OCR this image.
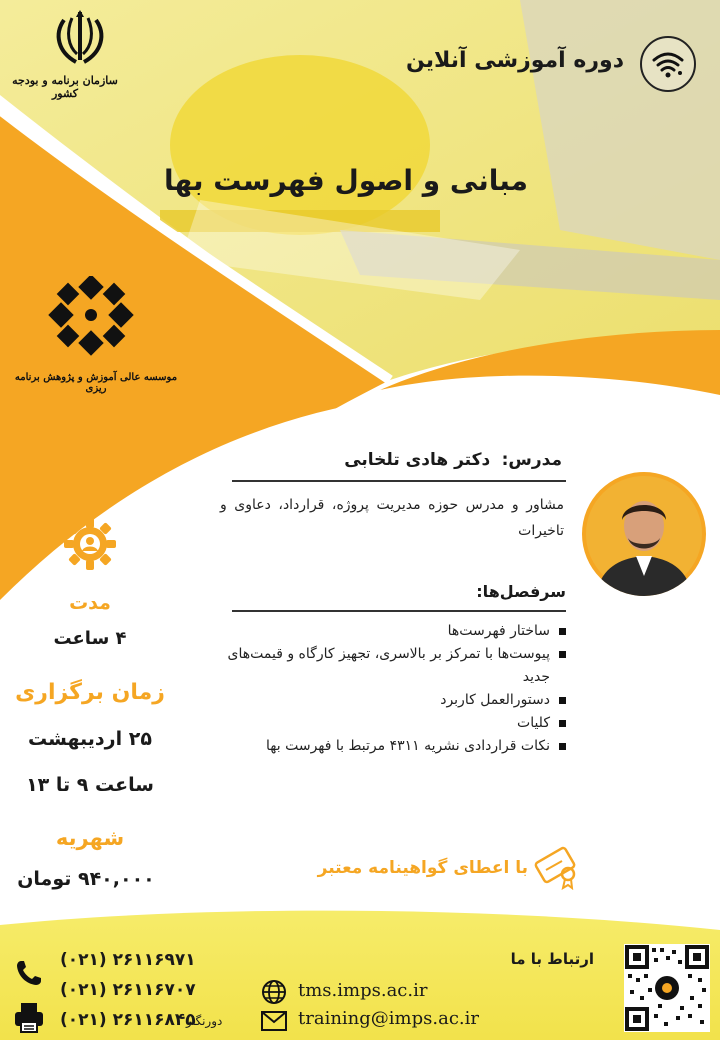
سازمان برنامه و بودجه کشور
دوره آموزشی آنلاین
مبانی و اصول فهرست بها
موسسه عالی آموزش و پژوهش برنامه ریزی
مدرس: دکتر هادی تلخابی
مشاور و مدرس حوزه مدیریت پروژه، قرارداد، دعاوی و تاخیرات
سرفصل‌ها:
ساختار فهرست‌ها
پیوست‌ها با تمرکز بر بالاسری، تجهیز کارگاه و قیمت‌های جدید
دستورالعمل کاربرد
کلیات
نکات قراردادی نشریه ۴۳۱۱ مرتبط با فهرست بها
مدت
۴ ساعت
زمان برگزاری
۲۵ اردیبهشت
ساعت ۹ تا ۱۳
شهریه
۹۴۰,۰۰۰ تومان	با اعطای گواهینامه معتبر
ارتباط با ما
(۰۲۱) ۲۶۱۱۶۹۷۱
(۰۲۱) ۲۶۱۱۶۷۰۷
(۰۲۱) ۲۶۱۱۶۸۴۵
دورنگار
tms.imps.ac.ir
training@imps.ac.ir
